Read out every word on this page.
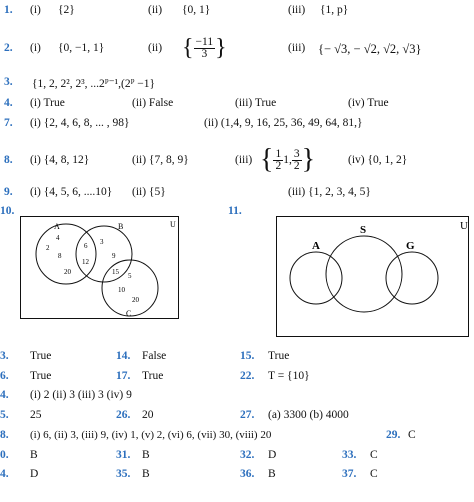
1. (i) {2}	(ii) {0, 1}	(iii) {1, p}
2. (i) {0, −1, 1}	(ii) { $\frac{-11}{3}$ }	(iii) {− √3, − √2, √2, √3}
3. {1, 2, 2², 2³, ...2ᴾ⁻¹,(2ᴾ −1}
4. (i) True	(ii) False	(iii) True	(iv) True
7. (i) {2, 4, 6, 8, ... , 98}	(ii) (1,4, 9, 16, 25, 36, 49, 64, 81,}
8. (i) {4, 8, 12}	(ii) {7, 8, 9}	(iii) { $\frac{1}{2} 1$, $\frac{3}{2}$ }	(iv) {0, 1, 2}
9. (i) {4, 5, 6, ....10} (ii) {5}	(iii) {1, 2, 3, 4, 5}
10.	11.
U
A	B
C
4
2
8
20
6
12
3
9
15 5
10
20
U
A
S
G
3. True	14. False	15. True
6. True	17. True	22. T = {10}
4. (i) 2 (ii) 3 (iii) 3 (iv) 9
5. 25	26. 20	27. (a) 3300 (b) 4000
8. (i) 6, (ii) 3, (iii) 9, (iv) 1, (v) 2, (vi) 6, (vii) 30, (viii) 20	29. C
0. B	31. B	32. D	33. C
4. D	35. B	36. B	37. C
